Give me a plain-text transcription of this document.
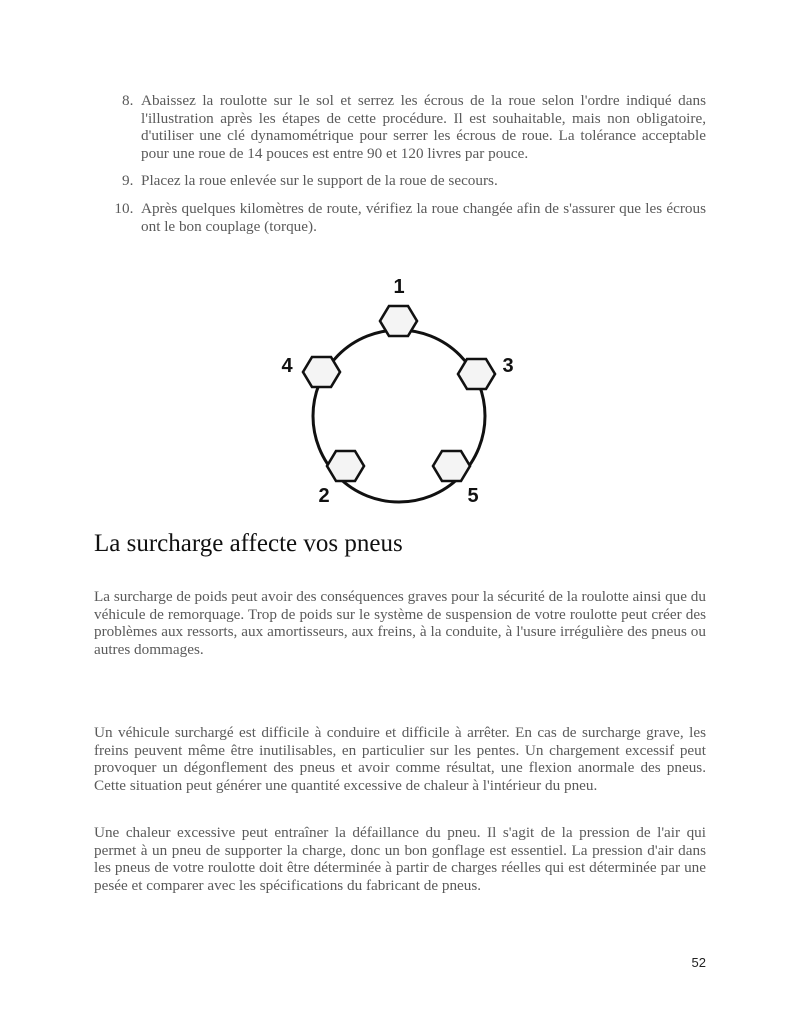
8. Abaissez la roulotte sur le sol et serrez les écrous de la roue selon l'ordre indiqué dans l'illustration après les étapes de cette procédure. Il est souhaitable, mais non obligatoire, d'utiliser une clé dynamométrique pour serrer les écrous de roue. La tolérance acceptable pour une roue de 14 pouces est entre 90 et 120 livres par pouce.
9. Placez la roue enlevée sur le support de la roue de secours.
10. Après quelques kilomètres de route, vérifiez la roue changée afin de s'assurer que les écrous ont le bon couplage (torque).
1
3
5
2
4
La surcharge affecte vos pneus

La surcharge de poids peut avoir des conséquences graves pour la sécurité de la roulotte ainsi que du véhicule de remorquage. Trop de poids sur le système de suspension de votre roulotte peut créer des problèmes aux ressorts, aux amortisseurs, aux freins, à la conduite, à l'usure irrégulière des pneus ou autres dommages.

Un véhicule surchargé est difficile à conduire et difficile à arrêter. En cas de surcharge grave, les freins peuvent même être inutilisables, en particulier sur les pentes. Un chargement excessif peut provoquer un dégonflement des pneus et avoir comme résultat, une flexion anormale des pneus. Cette situation peut générer une quantité excessive de chaleur à l'intérieur du pneu.

Une chaleur excessive peut entraîner la défaillance du pneu. Il s'agit de la pression de l'air qui permet à un pneu de supporter la charge, donc un bon gonflage est essentiel. La pression d'air dans les pneus de votre roulotte doit être déterminée à partir de charges réelles qui est déterminée par une pesée et comparer avec les spécifications du fabricant de pneus.

52
